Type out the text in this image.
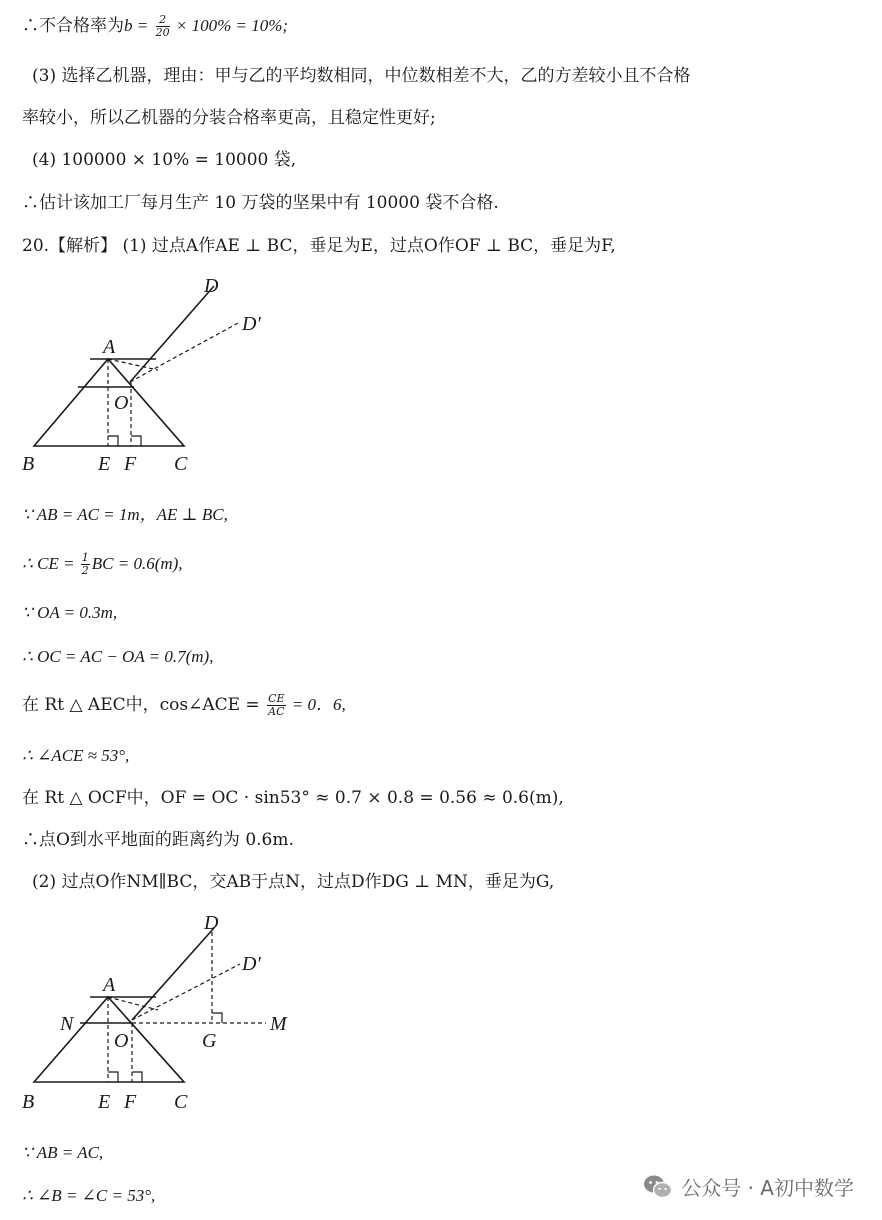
∴不合格率为$b = \frac{2}{20} \times 100\% = 10\%$;
(3) 选择乙机器，理由：甲与乙的平均数相同，中位数相差不大，乙的方差较小且不合格
率较小，所以乙机器的分装合格率更高，且稳定性更好;
(4) 100000 × 10% = 10000 袋,
∴估计该加工厂每月生产 10 万袋的坚果中有 10000 袋不合格.
20.【解析】 (1) 过点A作AE ⊥ BC，垂足为E，过点O作OF ⊥ BC，垂足为F,
D
D′
A
O
B	E F C
∵ AB = AC = 1m，AE ⊥ BC,
∴ CE = $\frac{1}{2}$ BC = 0.6(m),
∵ OA = 0.3m,
∴ OC = AC − OA = 0.7(m),
在 Rt △ AEC中，cos∠ACE = $\frac{CE}{AC} = 0$．6,
∴ ∠ACE ≈ 53°,
在 Rt △ OCF中，OF = OC · sin53° ≈ 0.7 × 0.8 = 0.56 ≈ 0.6(m),
∴点O到水平地面的距离约为 0.6m.
(2) 过点O作NM∥BC，交AB于点N，过点D作DG ⊥ MN，垂足为G,
D
D′
A
N
O	G
M
B	E F C
∵ AB = AC,
∴ ∠B = ∠C = 53°,	公众号 · A初中数学
